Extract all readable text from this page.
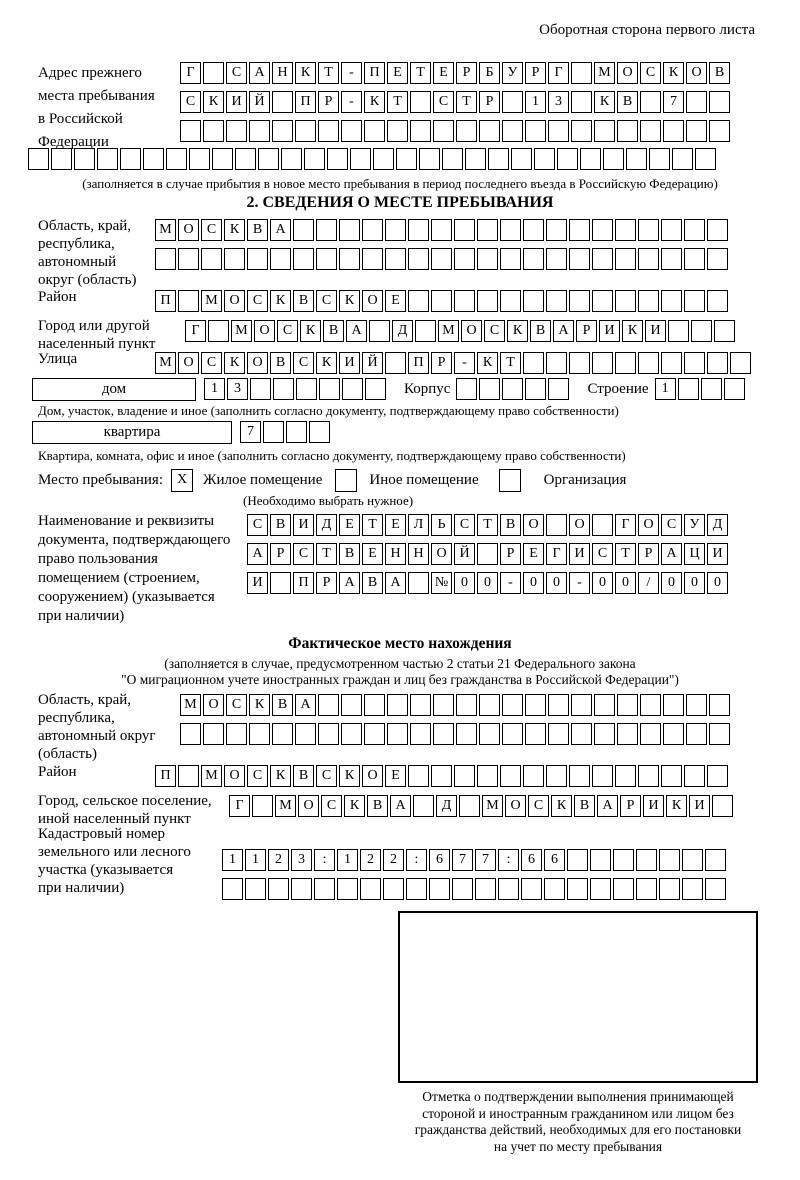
Оборотная сторона первого листа
Адрес прежнего
места пребывания
в Российской
Федерации
Г	С А Н К	Т	-	П Е	Т	Е	Р	Б	У	Р	Г	М О С К О В
С К И Й	П	Р	-	К	Т	С	Т	Р	1	3	К В	7
(заполняется в случае прибытия в новое место пребывания в период последнего въезда в Российскую Федерацию)
2. СВЕДЕНИЯ О МЕСТЕ ПРЕБЫВАНИЯ
Область, край,
республика,
автономный
округ (область)
М О С К В А
Район	П	М О С К В С К О Е
Город или другой
населенный пункт
Г	М О С К В А	Д	М О С К В А	Р	И К И
Улица	М О С К О В С К И Й	П	Р	-	К	Т
дом	1	3	Корпус	Строение 1
Дом, участок, владение и иное (заполнить согласно документу, подтверждающему право собственности)
квартира	7
Квартира, комната, офис и иное (заполнить согласно документу, подтверждающему право собственности)
Место пребывания: X	Жилое помещение	Иное помещение	Организация
(Необходимо выбрать нужное)
Наименование и реквизиты
документа, подтверждающего
право пользования
помещением (строением,
сооружением) (указывается
при наличии)
С В И Д Е	Т	Е Л	Ь	С	Т	В О	О	Г О С У Д
А	Р	С	Т	В	Е Н Н О Й	Р	Е	Г И С	Т	Р	А Ц И
И	П	Р	А В А	№ 0	0	-	0	0	-	0	0	/	0	0	0
Фактическое место нахождения
(заполняется в случае, предусмотренном частью 2 статьи 21 Федерального закона
"О миграционном учете иностранных граждан и лиц без гражданства в Российской Федерации")
Область, край,
республика,
автономный округ
(область)
М О С К В А
Район	П	М О С К В С К О Е
Город, сельское поселение,
иной населенный пункт
Г	М О С К В А	Д	М О С К В А	Р	И К И
Кадастровый номер
земельного или лесного
участка (указывается
при наличии)
1	1	2	3	:	1	2	2	:	6	7	7	:	6	6
Отметка о подтверждении выполнения принимающей
стороной и иностранным гражданином или лицом без
гражданства действий, необходимых для его постановки
на учет по месту пребывания
